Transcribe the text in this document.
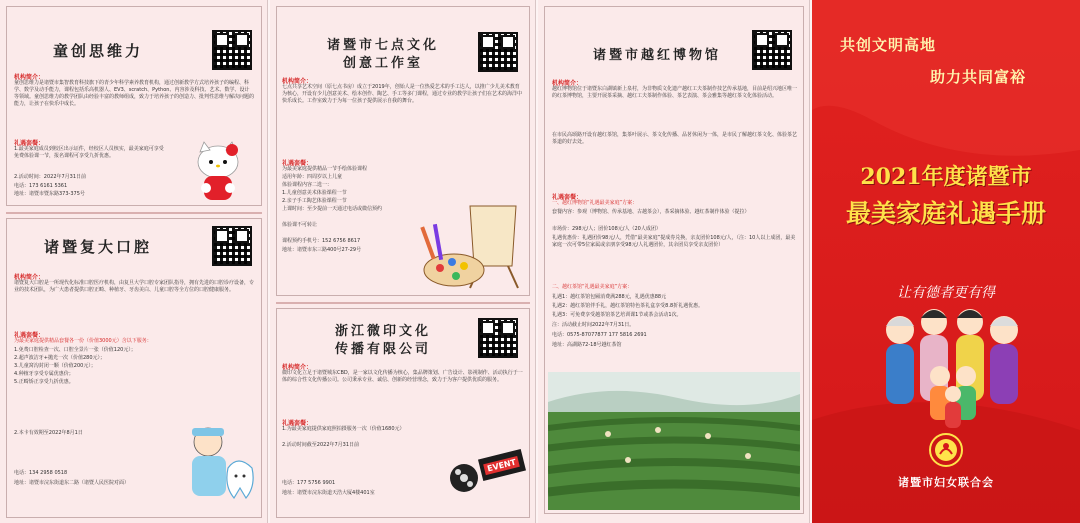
童创思维力
机构简介：
童创思维力是诸暨市集智教育科技旗下的青少年科学素养教育机构，通过创新教学方式培养孩子的编程、科学、数学及动手能力，课程包括乐高机器人、EV3、scratch、Python、内容涉及科技、艺术、数学、设计等领域。童创思维力的教学团队由经验丰富的教师组成，致力于培养孩子的创造力、批判性思维与解决问题的能力，让孩子在快乐中成长。
礼遇套餐：
1.最美家庭成员到校区出示证件，经校区人员核实，最美家庭可享受免费体验课一节，报名课程可享受九折优惠。
2.活动时间：2022年7月31日前
电话：173 6161 5361
地址：诸暨市暨东路373-375号
诸暨复大口腔
机构简介：
诸暨复大口腔是一所现代化标准口腔医疗机构，由复旦大学口腔专家团队指导，拥有先进的口腔诊疗设备，专业的技术团队，为广大患者提供口腔正畸、种植牙、牙齿美白、儿童口腔等全方位的口腔健康服务。
礼遇套餐：
为最美家庭提供精品套餐各一份（价值3000元）含以下服务：
1.免费口腔检查一次、口腔全景片一张（价值120元）；
2.超声波洁牙+抛光一次（价值280元）；
3.儿童窝沟封闭一颗（价值200元）；
4.种植牙享受专属优惠价；
5.正畸矫正享受九折优惠。
2.本卡有效期至2022年8月1日
电话：134 2958 0518
地址：诸暨市浣东街道东二路（诸暨人民医院对面）
诸暨市七点文化
创意工作室
机构简介：
七点共享艺术空间（原七点书房）成立于2019年，创始人是一位热爱艺术的手工达人，以推广少儿美术教育为核心，开设有少儿创意美术、绘本创作、陶艺、手工等多门课程，通过专业的教学让孩子们在艺术的海洋中快乐成长。工作室致力于为每一位孩子提供展示自我的舞台。
礼遇套餐：
为最美家庭提供精品一节手绘体验课程
适用年龄：四周岁以上儿童
体验课程内容二选一：
1.儿童创意美术体验课程一节
2.亲子手工陶艺体验课程一节
上课时间：至少提前一天通过电话或微信预约
体验课不可转让
课程预约手机号：152 6756 8617
地址：诸暨市东三路400号27-29号
浙江微印文化
传播有限公司
机构简介：
微印文化立足于诸暨城东CBD，是一家以文化传播为核心，集品牌策划、广告设计、影视制作、活动执行于一体的综合性文化传播公司。公司秉承专业、诚信、创新的经营理念，致力于为客户提供优质的服务。
礼遇套餐：
1.为最美家庭提供家庭照拍摄服务一次（价值1680元）
2.活动时间截至2022年7月31日前
电话：177 5756 9901
地址：诸暨市浣东街道天浩大厦4楼401室
EVENT
诸暨市越红博物馆
机构简介：
越红博物馆位于诸暨东白湖镇新上泉村，为非物质文化遗产越红工夫茶制作技艺传承基地，目前是绍兴地区唯一的红茶博物馆，主要开展茶采摘、越红工夫茶制作体验、茶艺表演、茶会雅集等越红茶文化体验活动。
在市民高颂路开设有越红茶馆，集茶叶展示、茶文化传播、品茗休闲为一体，是市民了解越红茶文化、体验茶艺茶道的好去处。
礼遇套餐：
一、越红博物馆“礼遇最美家庭”方案：
套餐内容：参观（博物馆、传承基地、古越茶会），茶采摘体验、越红茶制作体验（提拉）
市场价：298元/人；团价108元/人（20人成团）
礼遇优惠价：礼遇团价98元/人，凭借“最美家庭”提成券兑换，亲友团价108元/人，（注：10人以上成团，最美家庭一次可带5位家属或亲朋享受98元/人礼遇团价，其余团员享受亲友团价）
二、越红茶馆“礼遇最美家庭”方案：
礼遇1：越红茶馆包厢消费满288元，礼遇优惠88元
礼遇2：越红茶馆伴手礼，越红茶馆特色茶礼盒享受8.8折礼遇优惠。
礼遇3：可免费享受越茶馆茶艺培训课1节或茶会活动1次。
注：活动截止时间2022年7月31日。
电话：0575-87077877 177 5816 2691
地址：高湖路72-18号越红茶馆
共创文明高地
助力共同富裕
2021年度诸暨市
最美家庭礼遇手册
让有德者更有得
诸暨市妇女联合会
